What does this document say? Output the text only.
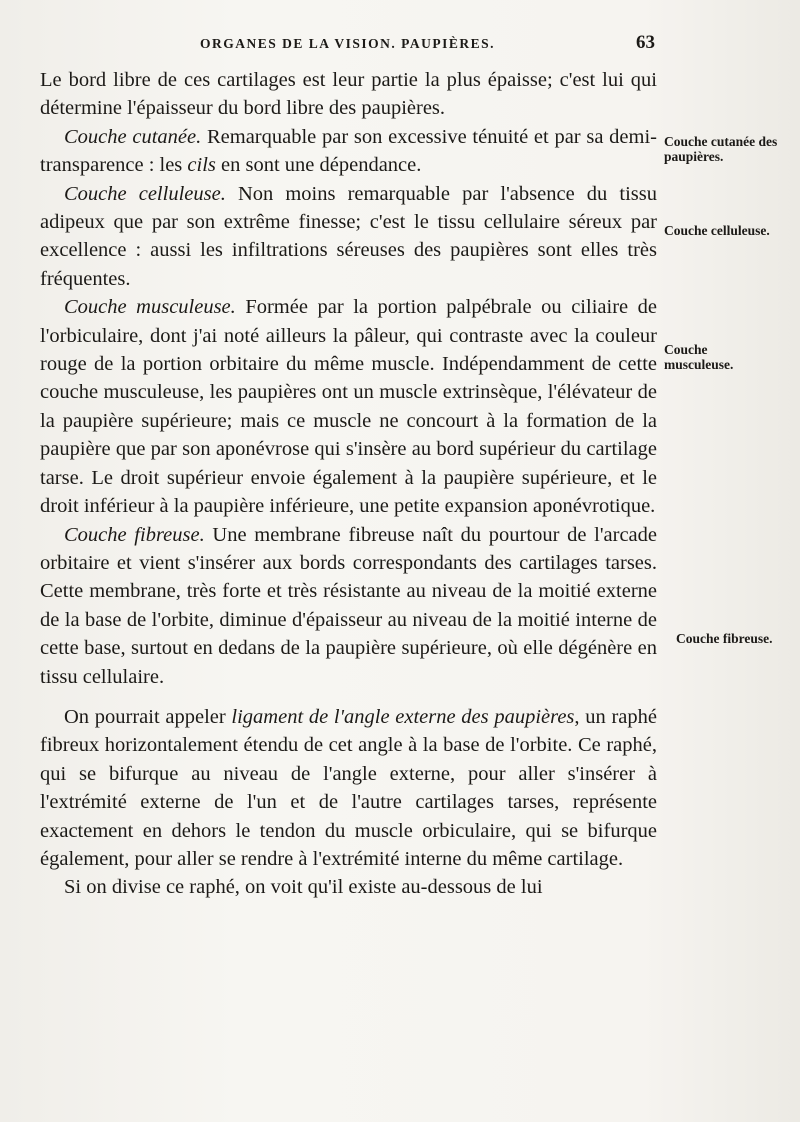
ORGANES DE LA VISION. PAUPIÈRES.	63

Le bord libre de ces cartilages est leur partie la plus épaisse; c'est lui qui détermine l'épaisseur du bord libre des paupières.

Couche cutanée. Remarquable par son excessive ténuité et par sa demi-transparence : les cils en sont une dépendance.

Couche celluleuse. Non moins remarquable par l'absence du tissu adipeux que par son extrême finesse; c'est le tissu cellulaire séreux par excellence : aussi les infiltrations séreuses des paupières sont elles très fréquentes.

Couche musculeuse. Formée par la portion palpébrale ou ciliaire de l'orbiculaire, dont j'ai noté ailleurs la pâleur, qui contraste avec la couleur rouge de la portion orbitaire du même muscle. Indépendamment de cette couche musculeuse, les paupières ont un muscle extrinsèque, l'élévateur de la paupière supérieure; mais ce muscle ne concourt à la formation de la paupière que par son aponévrose qui s'insère au bord supérieur du cartilage tarse. Le droit supérieur envoie également à la paupière supérieure, et le droit inférieur à la paupière inférieure, une petite expansion aponévrotique.

Couche fibreuse. Une membrane fibreuse naît du pourtour de l'arcade orbitaire et vient s'insérer aux bords correspondants des cartilages tarses. Cette membrane, très forte et très résistante au niveau de la moitié externe de la base de l'orbite, diminue d'épaisseur au niveau de la moitié interne de cette base, surtout en dedans de la paupière supérieure, où elle dégénère en tissu cellulaire.

On pourrait appeler ligament de l'angle externe des paupières, un raphé fibreux horizontalement étendu de cet angle à la base de l'orbite. Ce raphé, qui se bifurque au niveau de l'angle externe, pour aller s'insérer à l'extrémité externe de l'un et de l'autre cartilages tarses, représente exactement en dehors le tendon du muscle orbiculaire, qui se bifurque également, pour aller se rendre à l'extrémité interne du même cartilage.

Si on divise ce raphé, on voit qu'il existe au-dessous de lui

Couche cutanée des paupières.
Couche celluleuse.
Couche musculeuse.
Couche fibreuse.
